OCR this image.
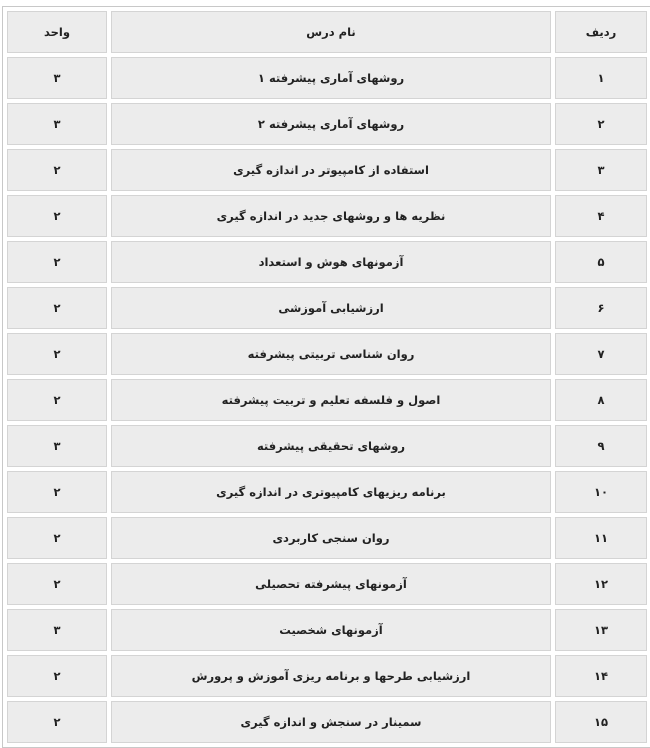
ردیف	نام درس	واحد
۱	روشهای آماری پیشرفته ۱	۳
۲	روشهای آماری پیشرفته ۲	۳
۳	استفاده از کامپیوتر در اندازه گیری	۲
۴	نظریه ها و روشهای جدید در اندازه گیری	۲
۵	آزمونهای هوش و استعداد	۲
۶	ارزشیابی آموزشی	۲
۷	روان شناسی تربیتی پیشرفته	۲
۸	اصول و فلسفه تعلیم و تربیت پیشرفته	۲
۹	روشهای تحقیقی پیشرفته	۳
۱۰	برنامه ریزیهای کامپیوتری در اندازه گیری	۲
۱۱	روان سنجی کاربردی	۲
۱۲	آزمونهای پیشرفته تحصیلی	۲
۱۳	آزمونهای شخصیت	۳
۱۴	ارزشیابی طرحها و برنامه ریزی آموزش و پرورش	۲
۱۵	سمینار در سنجش و اندازه گیری	۲
